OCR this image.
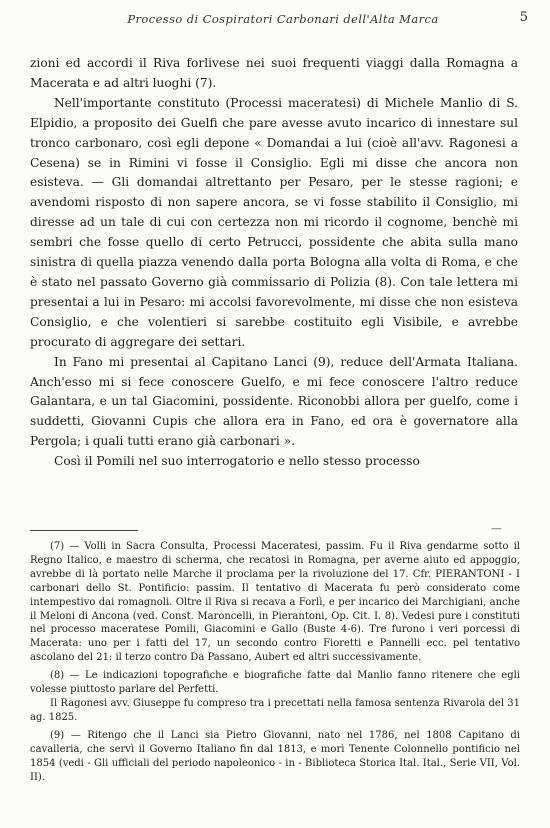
Processo di Cospiratori Carbonari dell'Alta Marca	5

zioni ed accordi il Riva forlivese nei suoi frequenti viaggi dalla Romagna a Macerata e ad altri luoghi (7).

Nell'importante constituto (Processi maceratesi) di Michele Manlio di S. Elpidio, a proposito dei Guelfi che pare avesse avuto incarico di innestare sul tronco carbonaro, così egli depone « Domandai a lui (cioè all'avv. Ragonesi a Cesena) se in Rimini vi fosse il Consiglio. Egli mi disse che ancora non esisteva. — Gli domandai altrettanto per Pesaro, per le stesse ragioni; e avendomi risposto di non sapere ancora, se vi fosse stabilito il Consiglio, mi diresse ad un tale di cui con certezza non mi ricordo il cognome, benchè mi sembri che fosse quello di certo Petrucci, possidente che abita sulla mano sinistra di quella piazza venendo dalla porta Bologna alla volta di Roma, e che è stato nel passato Governo già commissario di Polizia (8). Con tale lettera mi presentai a lui in Pesaro: mi accolsi favorevolmente, mi disse che non esisteva Consiglio, e che volentieri si sarebbe costituito egli Visibile, e avrebbe procurato di aggregare dei settari.

In Fano mi presentai al Capitano Lanci (9), reduce dell'Armata Italiana. Anch'esso mi si fece conoscere Guelfo, e mi fece conoscere l'altro reduce Galantara, e un tal Giacomini, possidente. Riconobbi allora per guelfo, come i suddetti, Giovanni Cupis che allora era in Fano, ed ora è governatore alla Pergola; i quali tutti erano già carbonari ».

Così il Pomili nel suo interrogatorio e nello stesso processo

—

(7) — Volli in Sacra Consulta, Processi Maceratesi, passim. Fu il Riva gendarme sotto il Regno Italico, e maestro di scherma, che recatosi in Romagna, per averne aiuto ed appoggio, avrebbe di là portato nelle Marche il proclama per la rivoluzione del 17. Cfr. PIERANTONI - I carbonari dello St. Pontificio: passim. Il tentativo di Macerata fu però considerato come intempestivo dai romagnoli. Oltre il Riva si recava a Forlì, e per incarico dei Marchigiani, anche il Meloni di Ancona (ved. Const. Maroncelli, in Pierantoni, Op. Cit. I. 8). Vedesi pure i constituti nel processo maceratese Pomili, Giacomini e Gallo (Buste 4-6). Tre furono i veri porcessi di Macerata: uno per i fatti del 17, un secondo contro Fioretti e Pannelli ecc. pel tentativo ascolano del 21: il terzo contro Da Passano, Aubert ed altri successivamente.

(8) — Le indicazioni topografiche e biografiche fatte dal Manlio fanno ritenere che egli volesse piuttosto parlare del Perfetti.

Il Ragonesi avv. Giuseppe fu compreso tra i precettati nella famosa sentenza Rivarola del 31 ag. 1825.

(9) — Ritengo che il Lanci sia Pietro Giovanni, nato nel 1786, nel 1808 Capitano di cavalleria, che servì il Governo Italiano fin dal 1813, e morì Tenente Colonnello pontificio nel 1854 (vedi - Gli ufficiali del periodo napoleonico - in - Biblioteca Storica Ital. Ital., Serie VII, Vol. II).
